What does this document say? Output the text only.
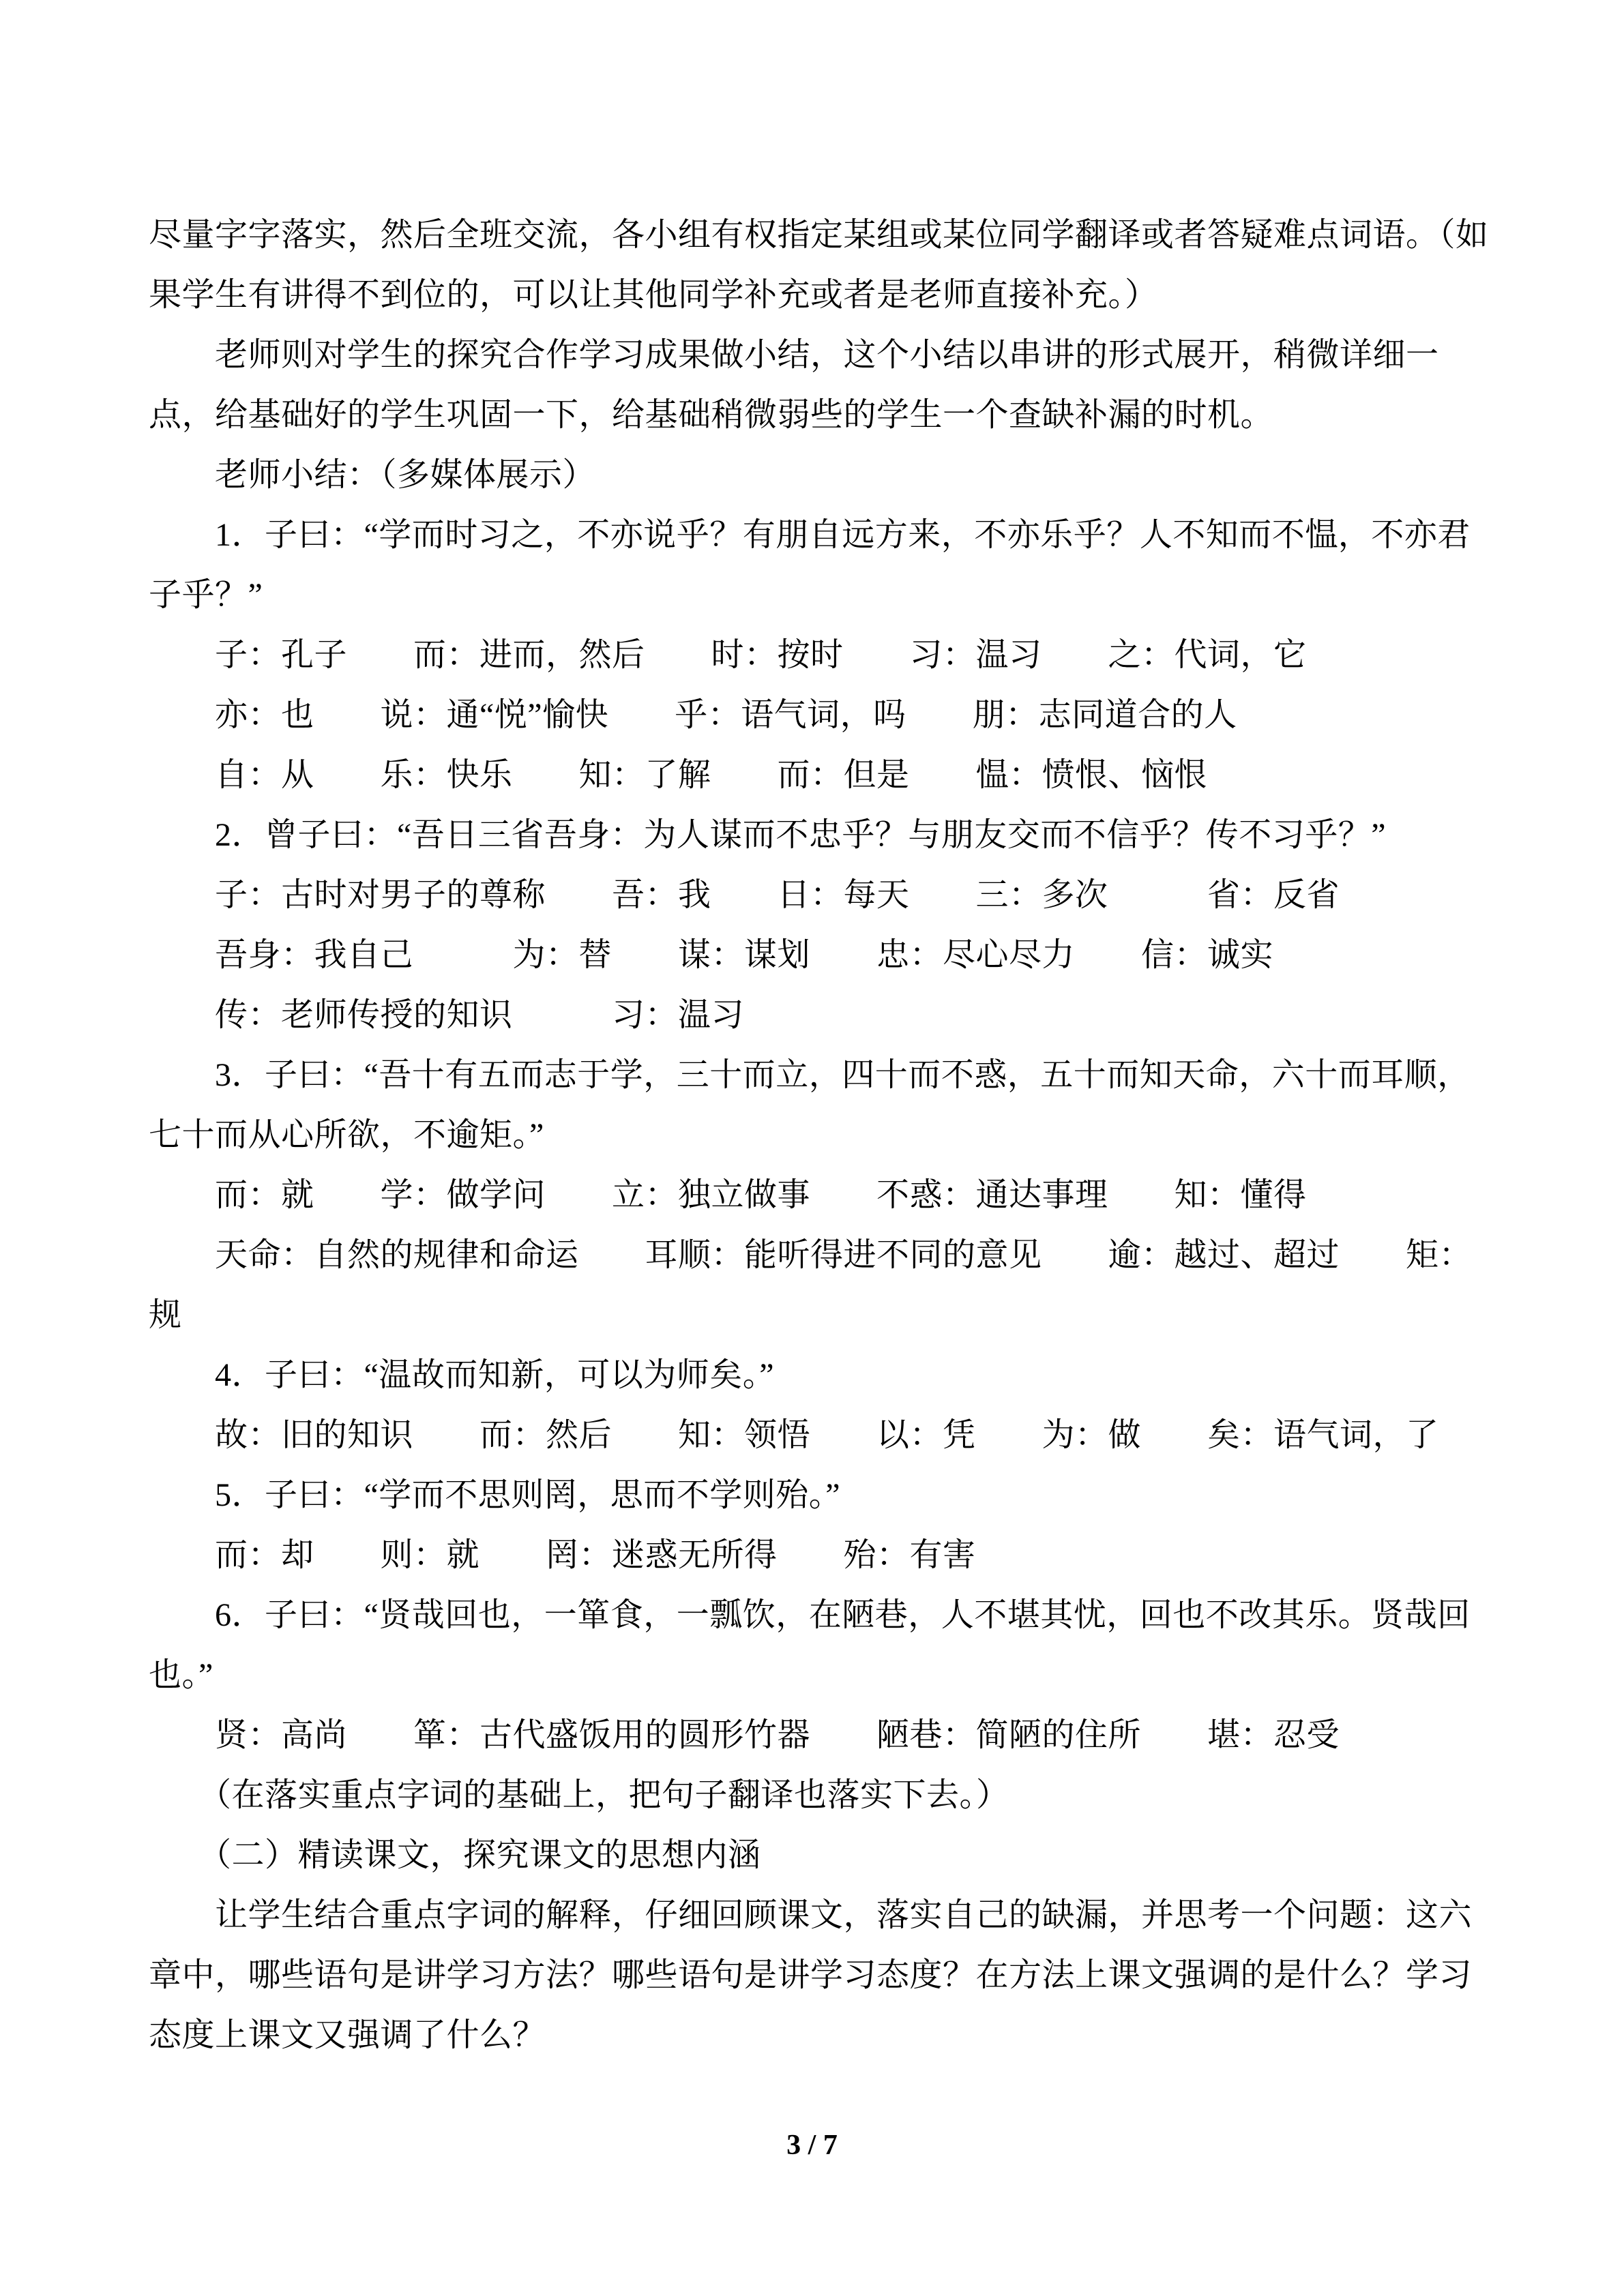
尽量字字落实，然后全班交流，各小组有权指定某组或某位同学翻译或者答疑难点词语。（如
果学生有讲得不到位的，可以让其他同学补充或者是老师直接补充。）
　　老师则对学生的探究合作学习成果做小结，这个小结以串讲的形式展开，稍微详细一
点，给基础好的学生巩固一下，给基础稍微弱些的学生一个查缺补漏的时机。
　　老师小结：（多媒体展示）
　　1．子曰：“学而时习之，不亦说乎？有朋自远方来，不亦乐乎？人不知而不愠，不亦君
子乎？”
　　子：孔子　　而：进而，然后　　时：按时　　习：温习　　之：代词，它
　　亦：也　　说：通“悦”愉快　　乎：语气词，吗　　朋：志同道合的人
　　自：从　　乐：快乐　　知：了解　　而：但是　　愠：愤恨、恼恨
　　2．曾子曰：“吾日三省吾身：为人谋而不忠乎？与朋友交而不信乎？传不习乎？”
　　子：古时对男子的尊称　　吾：我　　日：每天　　三：多次　　　省：反省
　　吾身：我自己　　　为：替　　谋：谋划　　忠：尽心尽力　　信：诚实
　　传：老师传授的知识　　　习：温习
　　3．子曰：“吾十有五而志于学，三十而立，四十而不惑，五十而知天命，六十而耳顺，
七十而从心所欲，不逾矩。”
　　而：就　　学：做学问　　立：独立做事　　不惑：通达事理　　知：懂得
　　天命：自然的规律和命运　　耳顺：能听得进不同的意见　　逾：越过、超过　　矩：
规
　　4．子曰：“温故而知新，可以为师矣。”
　　故：旧的知识　　而：然后　　知：领悟　　以：凭　　为：做　　矣：语气词，了
　　5．子曰：“学而不思则罔，思而不学则殆。”
　　而：却　　则：就　　罔：迷惑无所得　　殆：有害
　　6．子曰：“贤哉回也，一箪食，一瓢饮，在陋巷，人不堪其忧，回也不改其乐。贤哉回
也。”
　　贤：高尚　　箪：古代盛饭用的圆形竹器　　陋巷：简陋的住所　　堪：忍受
　　（在落实重点字词的基础上，把句子翻译也落实下去。）
　　（二）精读课文，探究课文的思想内涵
　　让学生结合重点字词的解释，仔细回顾课文，落实自己的缺漏，并思考一个问题：这六
章中，哪些语句是讲学习方法？哪些语句是讲学习态度？在方法上课文强调的是什么？学习
态度上课文又强调了什么？
3 / 7
